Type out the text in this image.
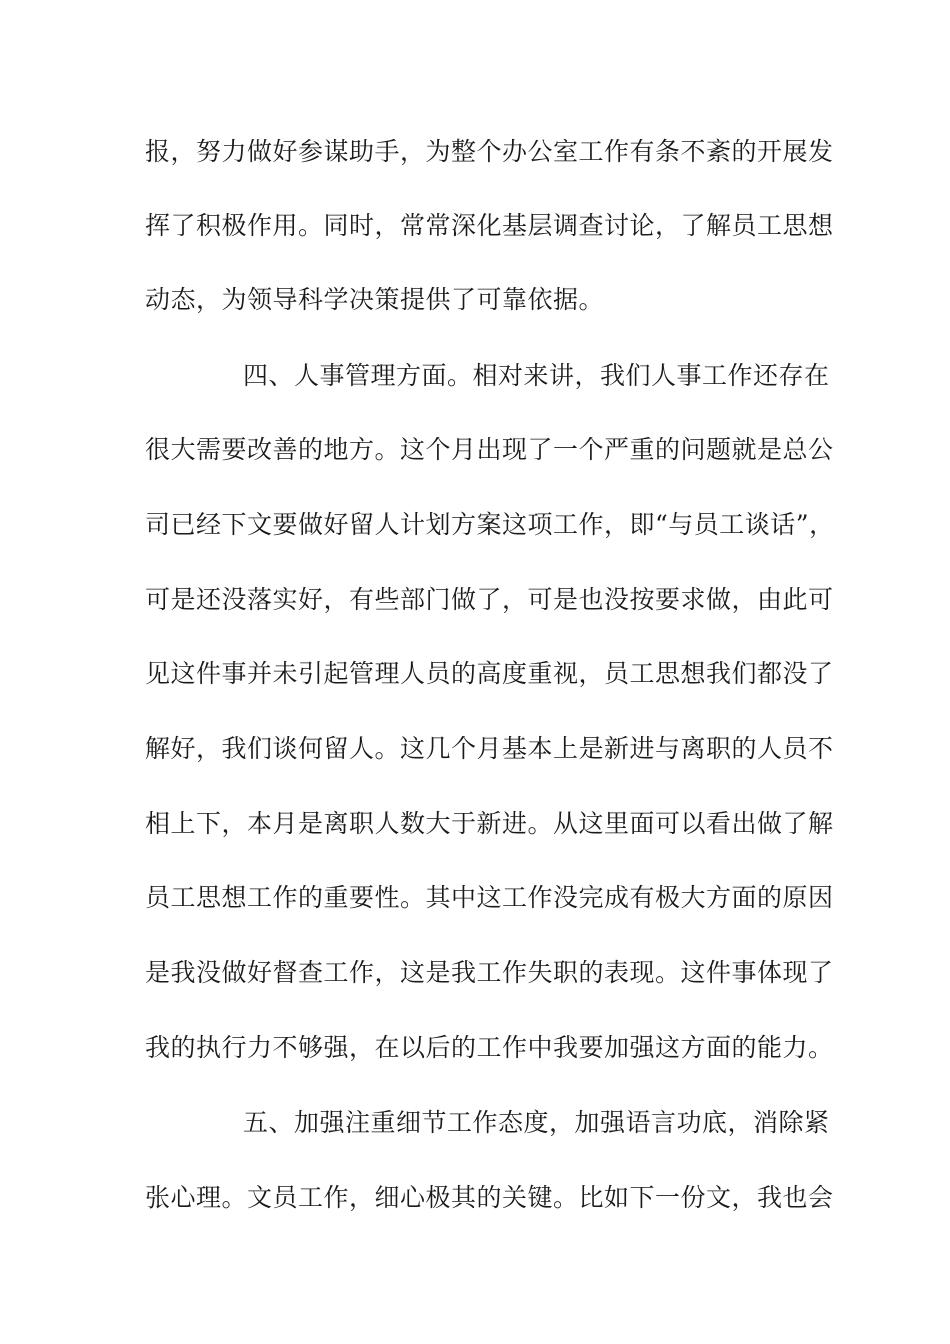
报，努力做好参谋助手，为整个办公室工作有条不紊的开展发
挥了积极作用。同时，常常深化基层调查讨论，了解员工思想
动态，为领导科学决策提供了可靠依据。
四、人事管理方面。相对来讲，我们人事工作还存在
很大需要改善的地方。这个月出现了一个严重的问题就是总公
司已经下文要做好留人计划方案这项工作，即“与员工谈话”，
可是还没落实好，有些部门做了，可是也没按要求做，由此可
见这件事并未引起管理人员的高度重视，员工思想我们都没了
解好，我们谈何留人。这几个月基本上是新进与离职的人员不
相上下，本月是离职人数大于新进。从这里面可以看出做了解
员工思想工作的重要性。其中这工作没完成有极大方面的原因
是我没做好督查工作，这是我工作失职的表现。这件事体现了
我的执行力不够强，在以后的工作中我要加强这方面的能力。
五、加强注重细节工作态度，加强语言功底，消除紧
张心理。文员工作，细心极其的关键。比如下一份文，我也会
